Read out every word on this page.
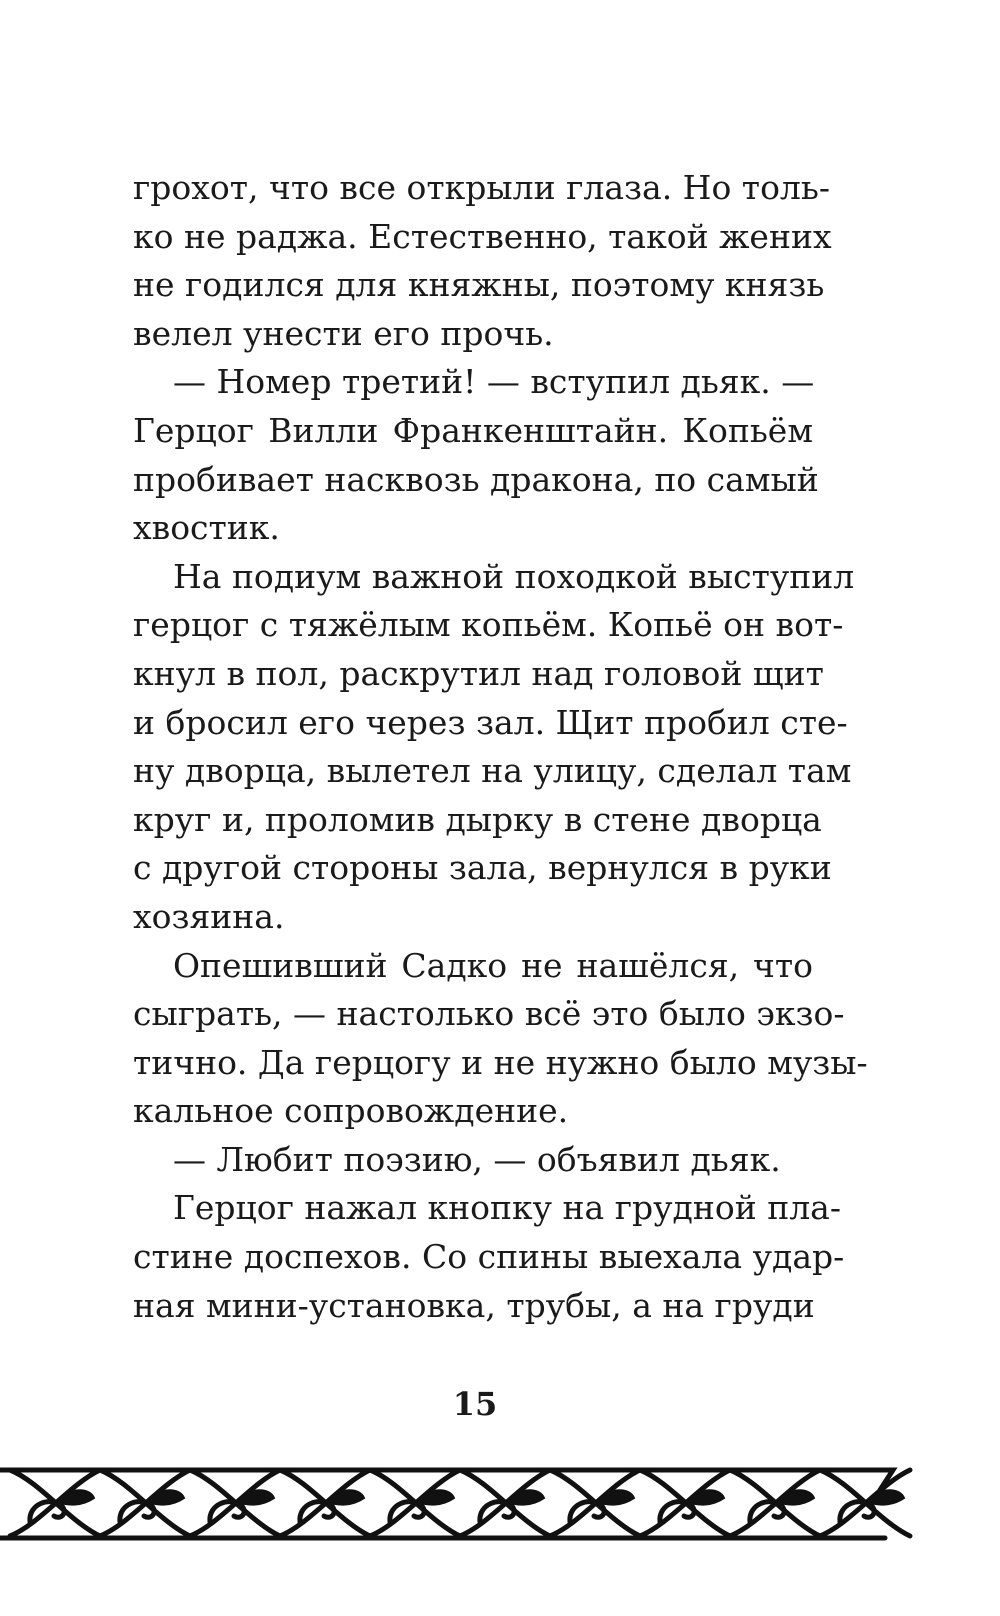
грохот, что все открыли глаза. Но толь-
ко не раджа. Естественно, такой жених
не годился для княжны, поэтому князь
велел унести его прочь.
— Номер третий! — вступил дьяк. —
Герцог Вилли Франкенштайн. Копьём
пробивает насквозь дракона, по самый
хвостик.
На подиум важной походкой выступил
герцог с тяжёлым копьём. Копьё он вот-
кнул в пол, раскрутил над головой щит
и бросил его через зал. Щит пробил сте-
ну дворца, вылетел на улицу, сделал там
круг и, проломив дырку в стене дворца
с другой стороны зала, вернулся в руки
хозяина.
Опешивший Садко не нашёлся, что
сыграть, — настолько всё это было экзо-
тично. Да герцогу и не нужно было музы-
кальное сопровождение.
— Любит поэзию, — объявил дьяк.
Герцог нажал кнопку на грудной пла-
стине доспехов. Со спины выехала удар-
ная мини-установка, трубы, а на груди
15
